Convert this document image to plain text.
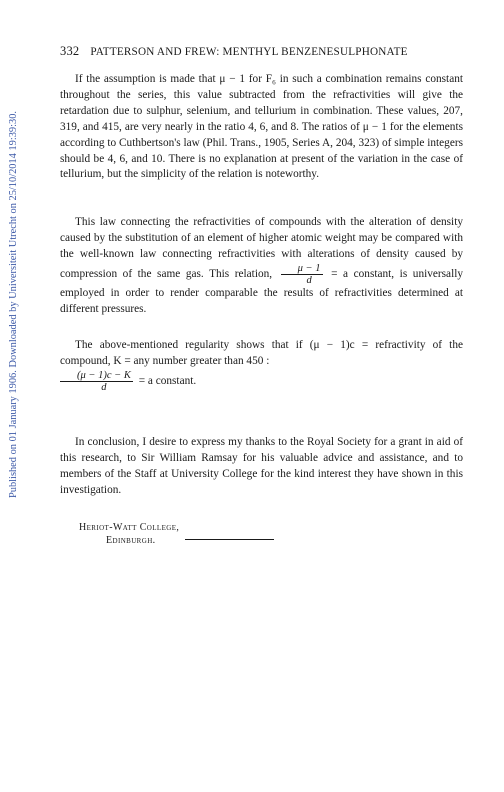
Published on 01 January 1906. Downloaded by Universiteit Utrecht on 25/10/2014 19:39:30.
332 PATTERSON AND FREW: MENTHYL BENZENESULPHONATE

If the assumption is made that μ − 1 for F₆ in such a combination remains constant throughout the series, this value subtracted from the refractivities will give the retardation due to sulphur, selenium, and tellurium in combination. These values, 207, 319, and 415, are very nearly in the ratio 4, 6, and 8. The ratios of μ − 1 for the elements according to Cuthbertson's law (Phil. Trans., 1905, Series A, 204, 323) of simple integers should be 4, 6, and 10. There is no explanation at present of the variation in the case of tellurium, but the simplicity of the relation is noteworthy.

This law connecting the refractivities of compounds with the alteration of density caused by the substitution of an element of higher atomic weight may be compared with the well-known law connecting refractivities with alterations of density caused by compression of the same gas. This relation, $\frac{\mu - 1}{d} = a$ constant, is universally employed in order to render comparable the results of refractivities determined at different pressures.

The above-mentioned regularity shows that if (μ − 1)c = refractivity of the compound, K = any number greater than 450 :

$\frac{(\mu - 1)c - K}{d} = a$ constant.

In conclusion, I desire to express my thanks to the Royal Society for a grant in aid of this research, to Sir William Ramsay for his valuable advice and assistance, and to members of the Staff at University College for the kind interest they have shown in this investigation.

Heriot-Watt College,
Edinburgh.
